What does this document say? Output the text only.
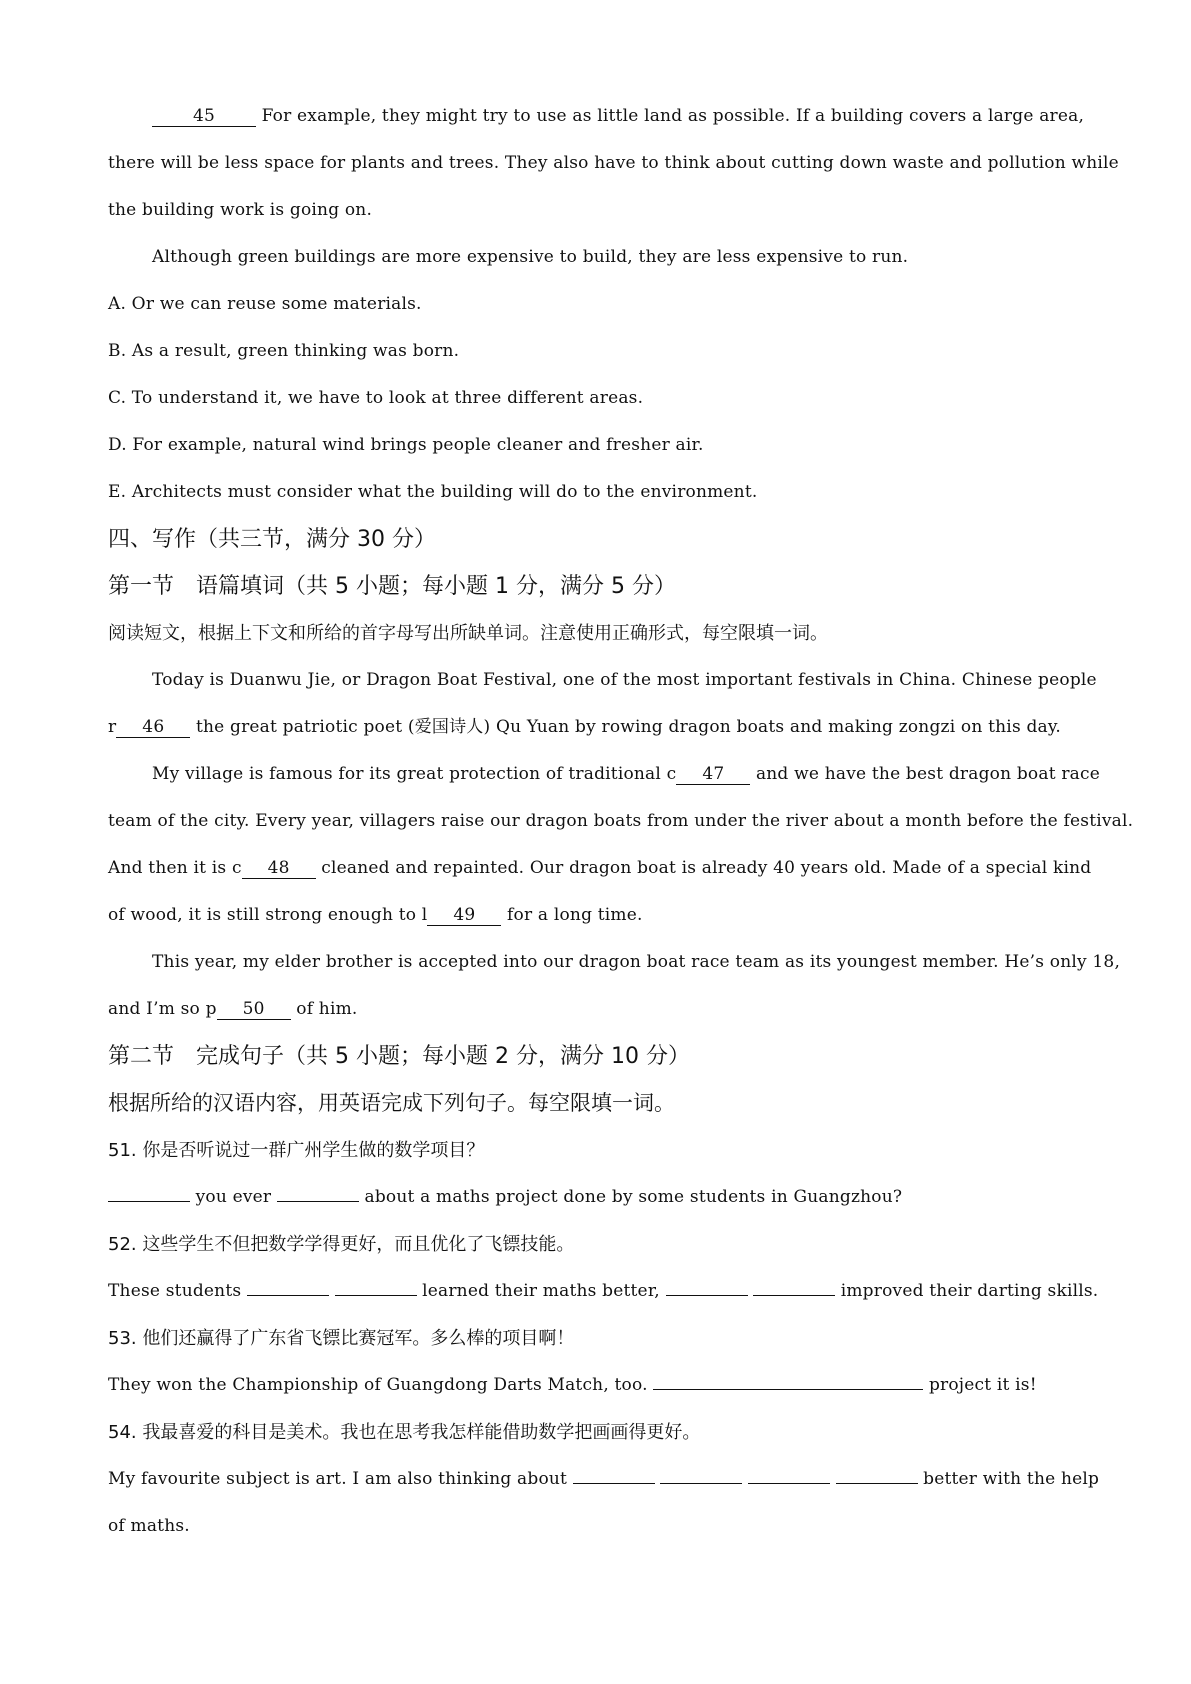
45	For example, they might try to use as little land as possible. If a building covers a large area,
there will be less space for plants and trees. They also have to think about cutting down waste and pollution while
the building work is going on.
Although green buildings are more expensive to build, they are less expensive to run.
A. Or we can reuse some materials.
B. As a result, green thinking was born.
C. To understand it, we have to look at three different areas.
D. For example, natural wind brings people cleaner and fresher air.
E. Architects must consider what the building will do to the environment.
四、写作（共三节，满分 30 分）
第一节　语篇填词（共 5 小题；每小题 1 分，满分 5 分）
阅读短文，根据上下文和所给的首字母写出所缺单词。注意使用正确形式，每空限填一词。
Today is Duanwu Jie, or Dragon Boat Festival, one of the most important festivals in China. Chinese people
r 46 the great patriotic poet (爱国诗人) Qu Yuan by rowing dragon boats and making zongzi on this day.
My village is famous for its great protection of traditional c 47 and we have the best dragon boat race
team of the city. Every year, villagers raise our dragon boats from under the river about a month before the festival.
And then it is c 48 cleaned and repainted. Our dragon boat is already 40 years old. Made of a special kind
of wood, it is still strong enough to l 49 for a long time.
This year, my elder brother is accepted into our dragon boat race team as its youngest member. He’s only 18,
and I’m so p 50 of him.
第二节　完成句子（共 5 小题；每小题 2 分，满分 10 分）
根据所给的汉语内容，用英语完成下列句子。每空限填一词。
51. 你是否听说过一群广州学生做的数学项目？
you ever	about a maths project done by some students in Guangzhou?
52. 这些学生不但把数学学得更好，而且优化了飞镖技能。
These students	learned their maths better,	improved their darting skills.
53. 他们还赢得了广东省飞镖比赛冠军。多么棒的项目啊！
They won the Championship of Guangdong Darts Match, too.	project it is!
54. 我最喜爱的科目是美术。我也在思考我怎样能借助数学把画画得更好。
My favourite subject is art. I am also thinking about	better with the help
of maths.
